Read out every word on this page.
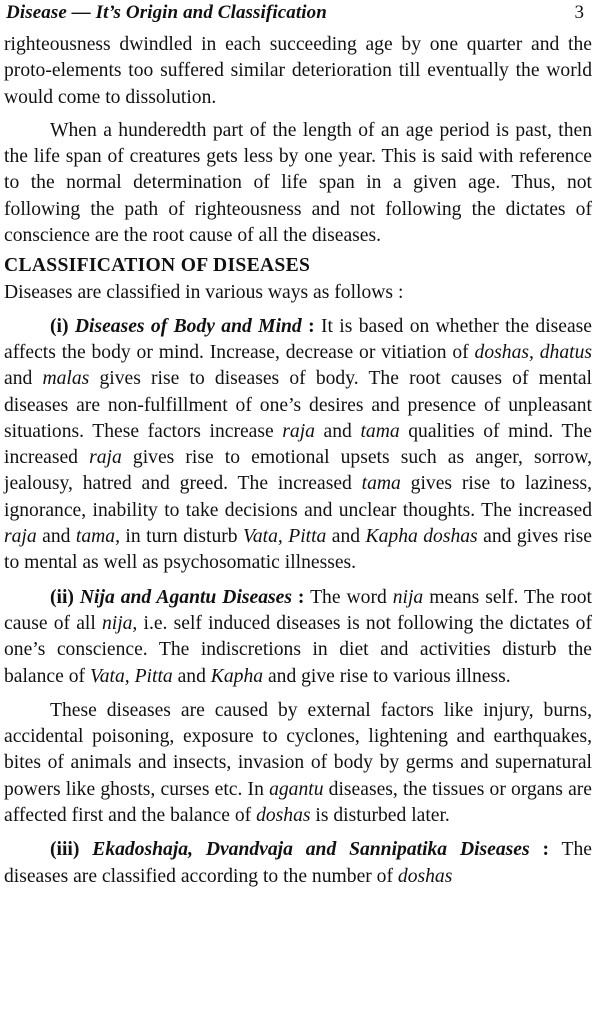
Disease — It’s Origin and Classification	3

righteousness dwindled in each succeeding age by one quarter and the proto-elements too suffered similar deterioration till eventually the world would come to dissolution.

When a hunderedth part of the length of an age period is past, then the life span of creatures gets less by one year. This is said with reference to the normal determination of life span in a given age. Thus, not following the path of righteousness and not following the dictates of conscience are the root cause of all the diseases.

CLASSIFICATION OF DISEASES

Diseases are classified in various ways as follows :

(i) Diseases of Body and Mind : It is based on whether the disease affects the body or mind. Increase, decrease or vitiation of doshas, dhatus and malas gives rise to diseases of body. The root causes of mental diseases are non-fulfillment of one’s desires and presence of unpleasant situations. These factors increase raja and tama qualities of mind. The increased raja gives rise to emotional upsets such as anger, sorrow, jealousy, hatred and greed. The increased tama gives rise to laziness, ignorance, inability to take decisions and unclear thoughts. The increased raja and tama, in turn disturb Vata, Pitta and Kapha doshas and gives rise to mental as well as psychosomatic illnesses.

(ii) Nija and Agantu Diseases : The word nija means self. The root cause of all nija, i.e. self induced diseases is not following the dictates of one’s conscience. The indiscretions in diet and activities disturb the balance of Vata, Pitta and Kapha and give rise to various illness.

These diseases are caused by external factors like injury, burns, accidental poisoning, exposure to cyclones, lightening and earthquakes, bites of animals and insects, invasion of body by germs and supernatural powers like ghosts, curses etc. In agantu diseases, the tissues or organs are affected first and the balance of doshas is disturbed later.

(iii) Ekadoshaja, Dvandvaja and Sannipatika Diseases : The diseases are classified according to the number of doshas
